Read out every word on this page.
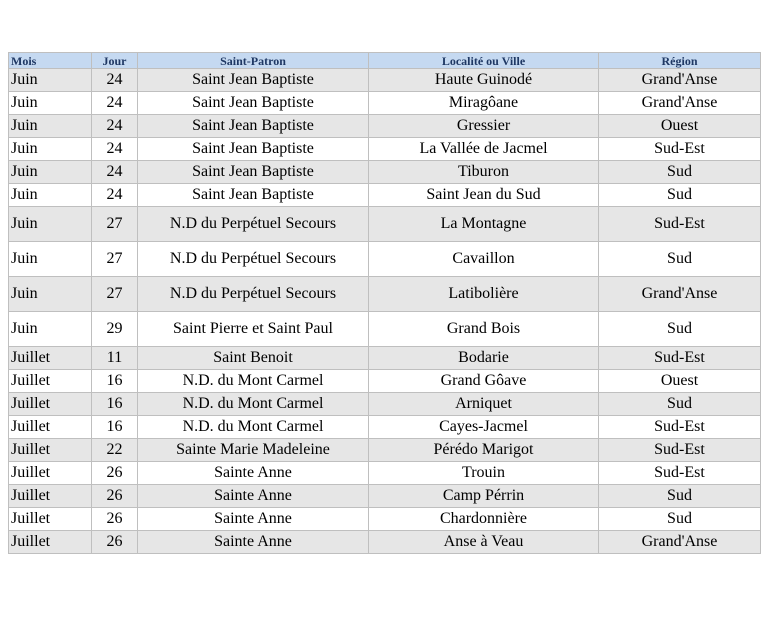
Mois	Jour	Saint-Patron	Localité ou Ville	Région
Juin	24	Saint Jean Baptiste	Haute Guinodé	Grand'Anse
Juin	24	Saint Jean Baptiste	Miragôane	Grand'Anse
Juin	24	Saint Jean Baptiste	Gressier	Ouest
Juin	24	Saint Jean Baptiste	La Vallée de Jacmel	Sud-Est
Juin	24	Saint Jean Baptiste	Tiburon	Sud
Juin	24	Saint Jean Baptiste	Saint Jean du Sud	Sud
Juin	27	N.D du Perpétuel Secours	La Montagne	Sud-Est
Juin	27	N.D du Perpétuel Secours	Cavaillon	Sud
Juin	27	N.D du Perpétuel Secours	Latibolière	Grand'Anse
Juin	29	Saint Pierre et Saint Paul	Grand Bois	Sud
Juillet	11	Saint Benoit	Bodarie	Sud-Est
Juillet	16	N.D. du Mont Carmel	Grand Gôave	Ouest
Juillet	16	N.D. du Mont Carmel	Arniquet	Sud
Juillet	16	N.D. du Mont Carmel	Cayes-Jacmel	Sud-Est
Juillet	22	Sainte Marie Madeleine	Pérédo Marigot	Sud-Est
Juillet	26	Sainte Anne	Trouin	Sud-Est
Juillet	26	Sainte Anne	Camp Pérrin	Sud
Juillet	26	Sainte Anne	Chardonnière	Sud
Juillet	26	Sainte Anne	Anse à Veau	Grand'Anse
